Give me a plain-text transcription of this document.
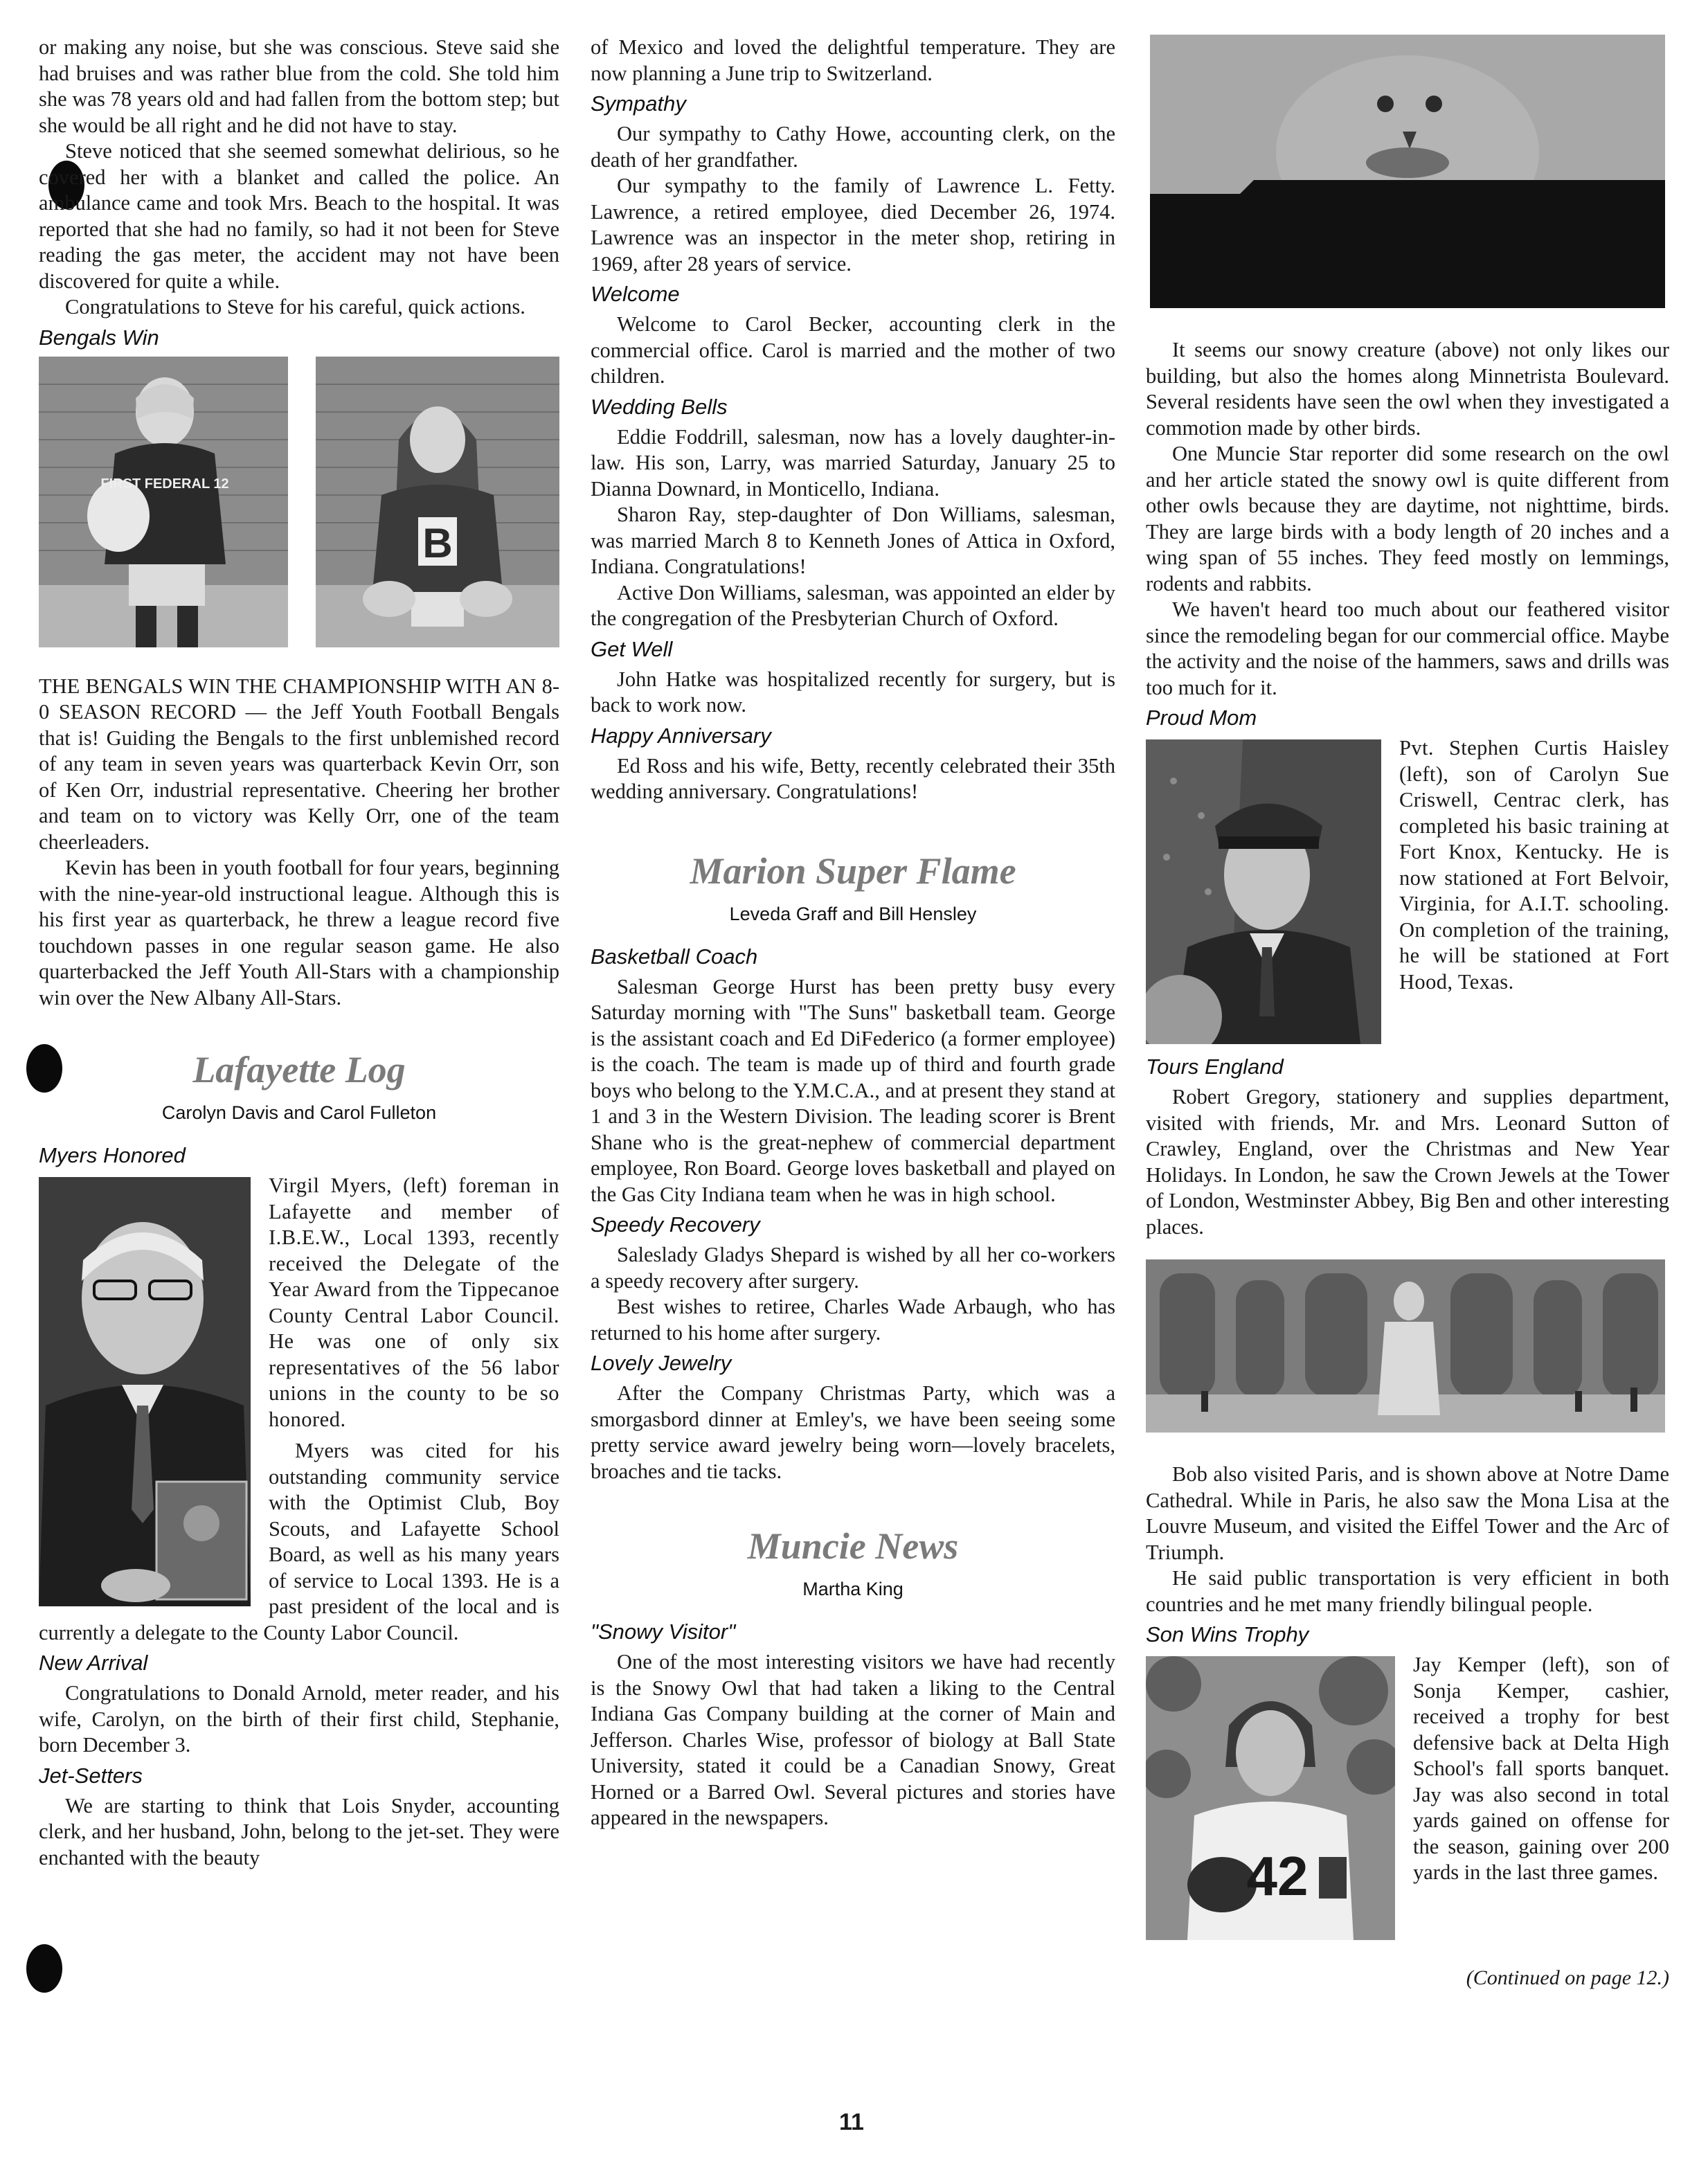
or making any noise, but she was conscious. Steve said she had bruises and was rather blue from the cold. She told him she was 78 years old and had fallen from the bottom step; but she would be all right and he did not have to stay.

Steve noticed that she seemed somewhat delirious, so he covered her with a blanket and called the police. An ambulance came and took Mrs. Beach to the hospital. It was reported that she had no family, so had it not been for Steve reading the gas meter, the accident may not have been discovered for quite a while.

Congratulations to Steve for his careful, quick actions.

Bengals Win
FIRST FEDERAL 12
B

THE BENGALS WIN THE CHAMPIONSHIP WITH AN 8-0 SEASON RECORD — the Jeff Youth Football Bengals that is! Guiding the Bengals to the first unblemished record of any team in seven years was quarterback Kevin Orr, son of Ken Orr, industrial representative. Cheering her brother and team on to victory was Kelly Orr, one of the team cheerleaders.

Kevin has been in youth football for four years, beginning with the nine-year-old instructional league. Although this is his first year as quarterback, he threw a league record five touchdown passes in one regular season game. He also quarterbacked the Jeff Youth All-Stars with a championship win over the New Albany All-Stars.

Lafayette Log
Carolyn Davis and Carol Fulleton
Myers Honored

Virgil Myers, (left) foreman in Lafayette and member of I.B.E.W., Local 1393, recently received the Delegate of the Year Award from the Tippecanoe County Central Labor Council. He was one of only six representatives of the 56 labor unions in the county to be so honored.

Myers was cited for his outstanding community service with the Optimist Club, Boy Scouts, and Lafayette School Board, as well as his many years of service to Local 1393. He is a past president of the local and is currently a delegate to the County Labor Council.

New Arrival

Congratulations to Donald Arnold, meter reader, and his wife, Carolyn, on the birth of their first child, Stephanie, born December 3.

Jet-Setters

We are starting to think that Lois Snyder, accounting clerk, and her husband, John, belong to the jet-set. They were enchanted with the beauty

of Mexico and loved the delightful temperature. They are now planning a June trip to Switzerland.

Sympathy

Our sympathy to Cathy Howe, accounting clerk, on the death of her grandfather.

Our sympathy to the family of Lawrence L. Fetty. Lawrence, a retired employee, died December 26, 1974. Lawrence was an inspector in the meter shop, retiring in 1969, after 28 years of service.

Welcome

Welcome to Carol Becker, accounting clerk in the commercial office. Carol is married and the mother of two children.

Wedding Bells

Eddie Foddrill, salesman, now has a lovely daughter-in-law. His son, Larry, was married Saturday, January 25 to Dianna Downard, in Monticello, Indiana.

Sharon Ray, step-daughter of Don Williams, salesman, was married March 8 to Kenneth Jones of Attica in Oxford, Indiana. Congratulations!

Active Don Williams, salesman, was appointed an elder by the congregation of the Presbyterian Church of Oxford.

Get Well

John Hatke was hospitalized recently for surgery, but is back to work now.

Happy Anniversary

Ed Ross and his wife, Betty, recently celebrated their 35th wedding anniversary. Congratulations!

Marion Super Flame
Leveda Graff and Bill Hensley
Basketball Coach

Salesman George Hurst has been pretty busy every Saturday morning with "The Suns" basketball team. George is the assistant coach and Ed DiFederico (a former employee) is the coach. The team is made up of third and fourth grade boys who belong to the Y.M.C.A., and at present they stand at 1 and 3 in the Western Division. The leading scorer is Brent Shane who is the great-nephew of commercial department employee, Ron Board. George loves basketball and played on the Gas City Indiana team when he was in high school.

Speedy Recovery

Saleslady Gladys Shepard is wished by all her co-workers a speedy recovery after surgery.

Best wishes to retiree, Charles Wade Arbaugh, who has returned to his home after surgery.

Lovely Jewelry

After the Company Christmas Party, which was a smorgasbord dinner at Emley's, we have been seeing some pretty service award jewelry being worn—lovely bracelets, broaches and tie tacks.

Muncie News
Martha King
"Snowy Visitor"

One of the most interesting visitors we have had recently is the Snowy Owl that had taken a liking to the Central Indiana Gas Company building at the corner of Main and Jefferson. Charles Wise, professor of biology at Ball State University, stated it could be a Canadian Snowy, Great Horned or a Barred Owl. Several pictures and stories have appeared in the newspapers.

It seems our snowy creature (above) not only likes our building, but also the homes along Minnetrista Boulevard. Several residents have seen the owl when they investigated a commotion made by other birds.

One Muncie Star reporter did some research on the owl and her article stated the snowy owl is quite different from other owls because they are daytime, not nighttime, birds. They are large birds with a body length of 20 inches and a wing span of 55 inches. They feed mostly on lemmings, rodents and rabbits.

We haven't heard too much about our feathered visitor since the remodeling began for our commercial office. Maybe the activity and the noise of the hammers, saws and drills was too much for it.

Proud Mom

Pvt. Stephen Curtis Haisley (left), son of Carolyn Sue Criswell, Centrac clerk, has completed his basic training at Fort Knox, Kentucky. He is now stationed at Fort Belvoir, Virginia, for A.I.T. schooling. On completion of the training, he will be stationed at Fort Hood, Texas.

Tours England

Robert Gregory, stationery and supplies department, visited with friends, Mr. and Mrs. Leonard Sutton of Crawley, England, over the Christmas and New Year Holidays. In London, he saw the Crown Jewels at the Tower of London, Westminster Abbey, Big Ben and other interesting places.

Bob also visited Paris, and is shown above at Notre Dame Cathedral. While in Paris, he also saw the Mona Lisa at the Louvre Museum, and visited the Eiffel Tower and the Arc of Triumph.

He said public transportation is very efficient in both countries and he met many friendly bilingual people.

Son Wins Trophy
42

Jay Kemper (left), son of Sonja Kemper, cashier, received a trophy for best defensive back at Delta High School's fall sports banquet. Jay was also second in total yards gained on offense for the season, gaining over 200 yards in the last three games.

(Continued on page 12.)
11
